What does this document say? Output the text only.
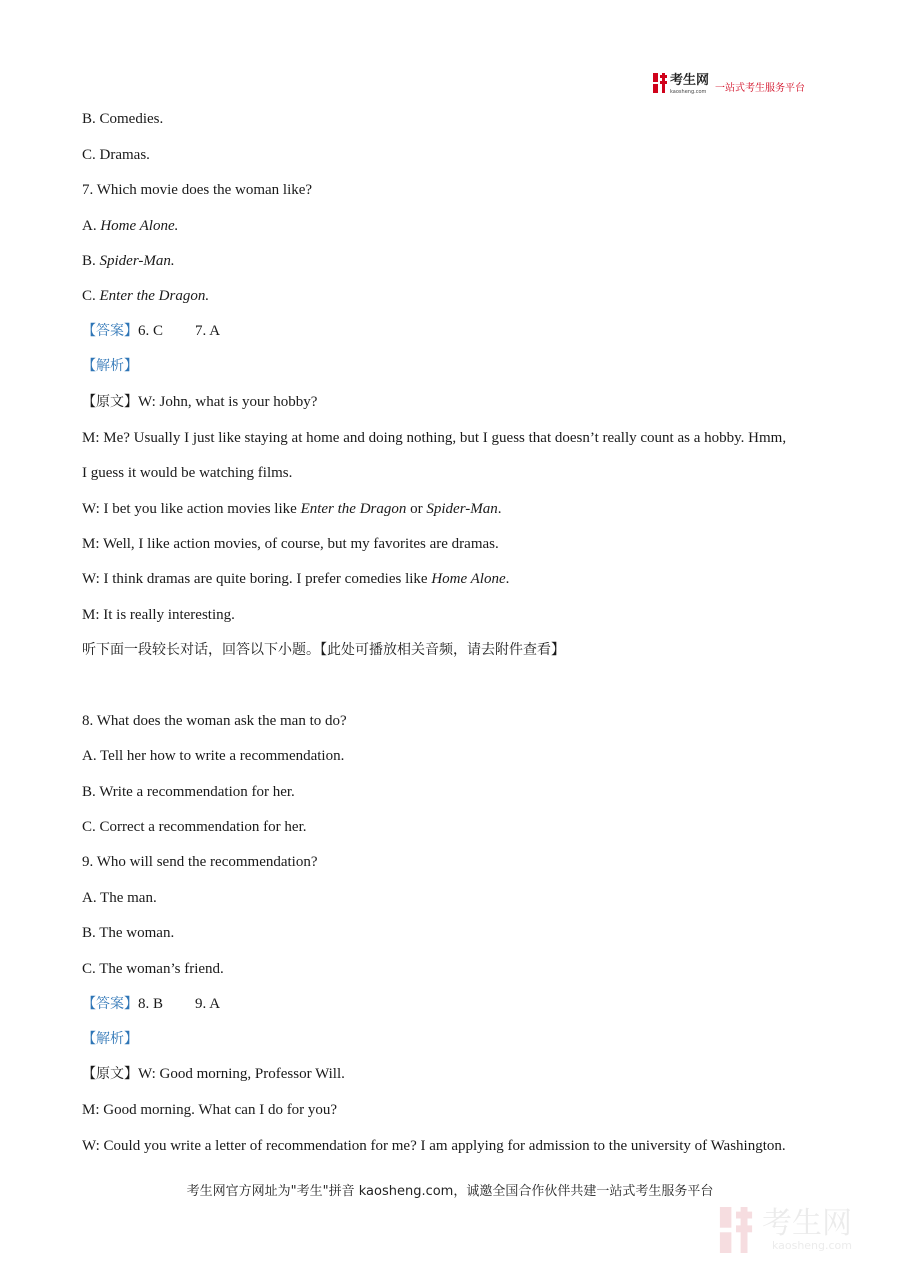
考生网
kaosheng.com 一站式考生服务平台
B. Comedies.
C. Dramas.
7. Which movie does the woman like?
A. Home Alone.
B. Spider-Man.
C. Enter the Dragon.
【答案】6. C 7. A
【解析】
【原文】W: John, what is your hobby?
M: Me? Usually I just like staying at home and doing nothing, but I guess that doesn’t really count as a hobby. Hmm,
I guess it would be watching films.
W: I bet you like action movies like Enter the Dragon or Spider-Man.
M: Well, I like action movies, of course, but my favorites are dramas.
W: I think dramas are quite boring. I prefer comedies like Home Alone.
M: It is really interesting.
听下面一段较长对话，回答以下小题。【此处可播放相关音频，请去附件查看】
8. What does the woman ask the man to do?
A. Tell her how to write a recommendation.
B. Write a recommendation for her.
C. Correct a recommendation for her.
9. Who will send the recommendation?
A. The man.
B. The woman.
C. The woman’s friend.
【答案】8. B 9. A
【解析】
【原文】W: Good morning, Professor Will.
M: Good morning. What can I do for you?
W: Could you write a letter of recommendation for me? I am applying for admission to the university of Washington.
考生网官方网址为"考生"拼音 kaosheng.com，诚邀全国合作伙伴共建一站式考生服务平台
考生网
kaosheng.com
